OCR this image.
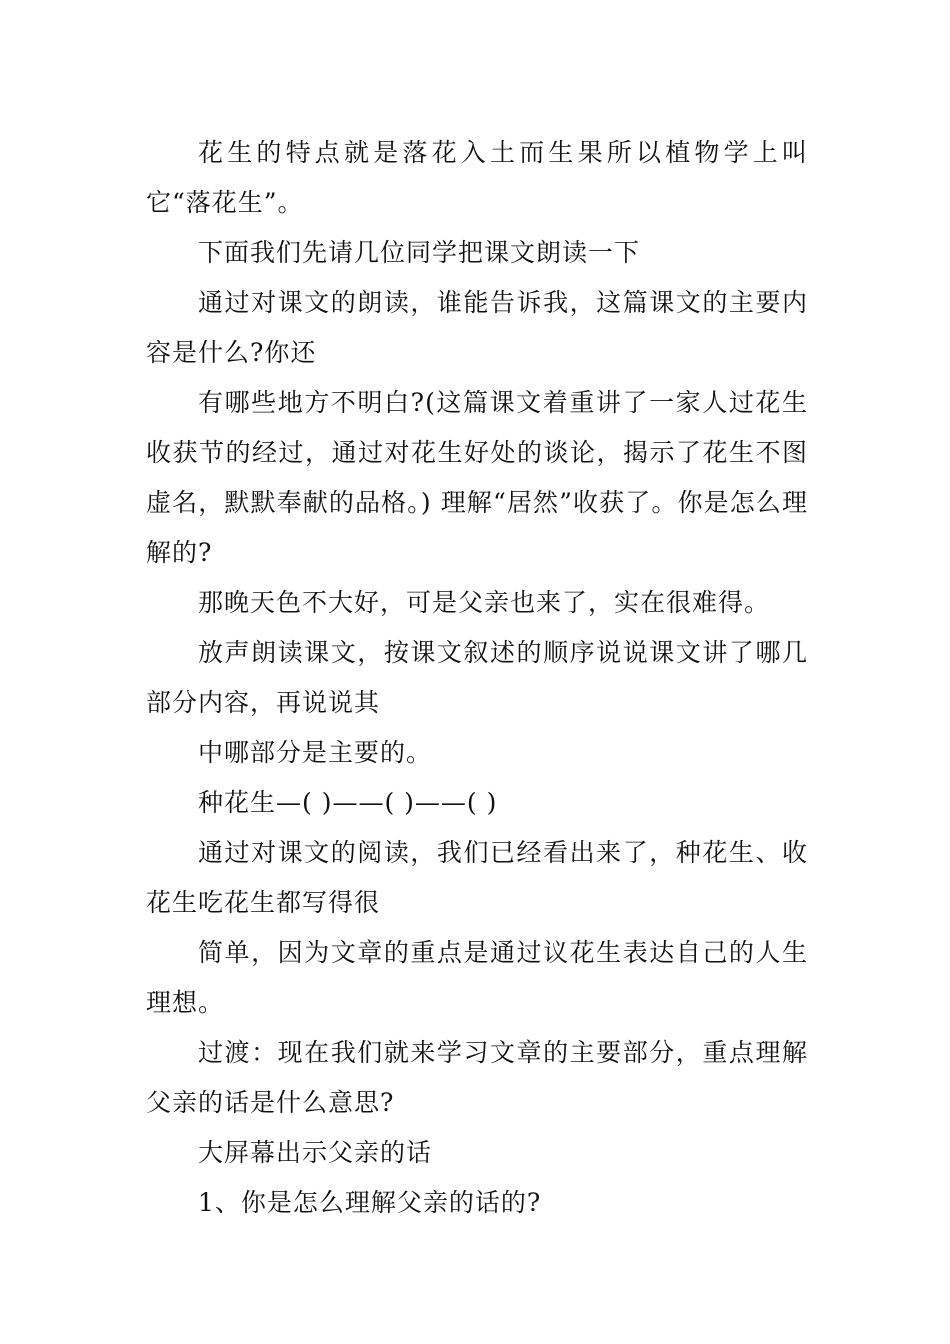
花生的特点就是落花入土而生果所以植物学上叫它“落花生”。

下面我们先请几位同学把课文朗读一下

通过对课文的朗读，谁能告诉我，这篇课文的主要内容是什么?你还

有哪些地方不明白?(这篇课文着重讲了一家人过花生收获节的经过，通过对花生好处的谈论，揭示了花生不图虚名，默默奉献的品格。) 理解“居然”收获了。你是怎么理解的?

那晚天色不大好，可是父亲也来了，实在很难得。

放声朗读课文，按课文叙述的顺序说说课文讲了哪几部分内容，再说说其

中哪部分是主要的。

种花生—( )——( )——( )

通过对课文的阅读，我们已经看出来了，种花生、收花生吃花生都写得很

简单，因为文章的重点是通过议花生表达自己的人生理想。

过渡：现在我们就来学习文章的主要部分，重点理解父亲的话是什么意思?

大屏幕出示父亲的话

1、你是怎么理解父亲的话的?
